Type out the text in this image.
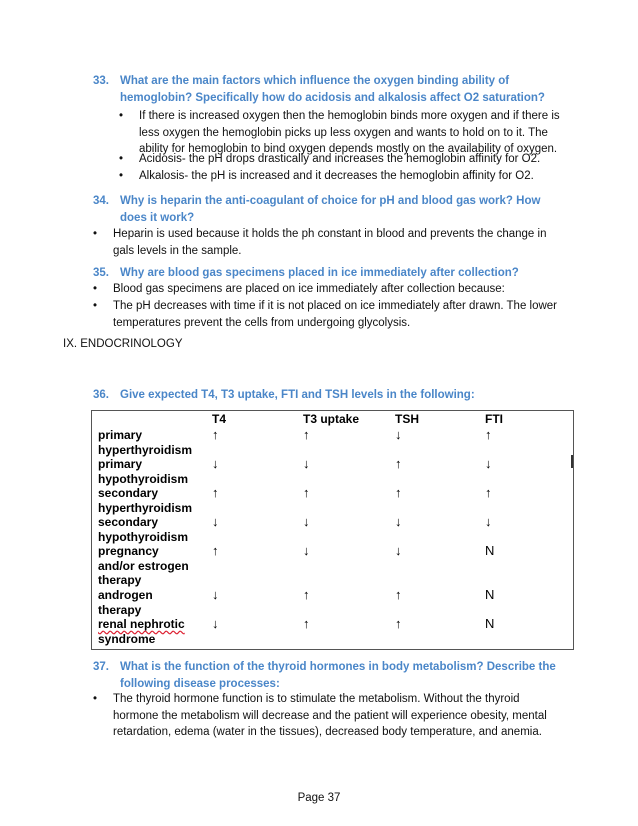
33. What are the main factors which influence the oxygen binding ability of
hemoglobin? Specifically how do acidosis and alkalosis affect O2 saturation?
•	If there is increased oxygen then the hemoglobin binds more oxygen and if there is
less oxygen the hemoglobin picks up less oxygen and wants to hold on to it. The
ability for hemoglobin to bind oxygen depends mostly on the availability of oxygen.
•	Acidosis- the pH drops drastically and increases the hemoglobin affinity for O2.
•	Alkalosis- the pH is increased and it decreases the hemoglobin affinity for O2.
34. Why is heparin the anti-coagulant of choice for pH and blood gas work? How
does it work?
•	Heparin is used because it holds the ph constant in blood and prevents the change in
gals levels in the sample.
35. Why are blood gas specimens placed in ice immediately after collection?
•	Blood gas specimens are placed on ice immediately after collection because:
•	The pH decreases with time if it is not placed on ice immediately after drawn. The lower
temperatures prevent the cells from undergoing glycolysis.
IX. ENDOCRINOLOGY
36. Give expected T4, T3 uptake, FTI and TSH levels in the following:
T4	T3 uptake	TSH	FTI
primary
hyperthyroidism
↑	↑	↓	↑
primary
hypothyroidism
↓	↓	↑	↓
secondary
hyperthyroidism
↑	↑	↑	↑
secondary
hypothyroidism
↓	↓	↓	↓
pregnancy
and/or estrogen
therapy
↑	↓	↓	N
androgen
therapy
↓	↑	↑	N
renal nephrotic
syndrome
↓	↑	↑	N
37. What is the function of the thyroid hormones in body metabolism? Describe the
following disease processes:
•	The thyroid hormone function is to stimulate the metabolism. Without the thyroid
hormone the metabolism will decrease and the patient will experience obesity, mental
retardation, edema (water in the tissues), decreased body temperature, and anemia.
Page 37
